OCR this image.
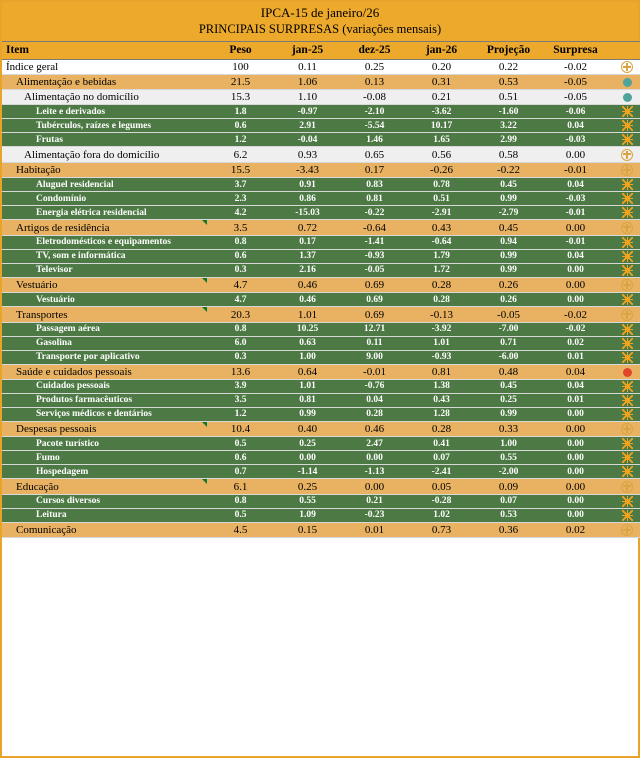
IPCA-15 de janeiro/26
PRINCIPAIS SURPRESAS (variações mensais)
Item	Peso	jan-25	dez-25	jan-26	Projeção	Surpresa	
Índice geral	100	0.11	0.25	0.20	0.22	-0.02	
Alimentação e bebidas	21.5	1.06	0.13	0.31	0.53	-0.05	
Alimentação no domicílio	15.3	1.10	-0.08	0.21	0.51	-0.05	
Leite e derivados	1.8	-0.97	-2.10	-3.62	-1.60	-0.06	
Tubérculos, raízes e legumes	0.6	2.91	-5.54	10.17	3.22	0.04	
Frutas	1.2	-0.04	1.46	1.65	2.99	-0.03	
Alimentação fora do domicílio	6.2	0.93	0.65	0.56	0.58	0.00	
Habitação	15.5	-3.43	0.17	-0.26	-0.22	-0.01	
Aluguel residencial	3.7	0.91	0.83	0.78	0.45	0.04	
Condomínio	2.3	0.86	0.81	0.51	0.99	-0.03	
Energia elétrica residencial	4.2	-15.03	-0.22	-2.91	-2.79	-0.01	
Artigos de residência	3.5	0.72	-0.64	0.43	0.45	0.00	
Eletrodomésticos e equipamentos	0.8	0.17	-1.41	-0.64	0.94	-0.01	
TV, som e informática	0.6	1.37	-0.93	1.79	0.99	0.04	
Televisor	0.3	2.16	-0.05	1.72	0.99	0.00	
Vestuário	4.7	0.46	0.69	0.28	0.26	0.00	
Vestuário	4.7	0.46	0.69	0.28	0.26	0.00	
Transportes	20.3	1.01	0.69	-0.13	-0.05	-0.02	
Passagem aérea	0.8	10.25	12.71	-3.92	-7.00	-0.02	
Gasolina	6.0	0.63	0.11	1.01	0.71	0.02	
Transporte por aplicativo	0.3	1.00	9.00	-0.93	-6.00	0.01	
Saúde e cuidados pessoais	13.6	0.64	-0.01	0.81	0.48	0.04	
Cuidados pessoais	3.9	1.01	-0.76	1.38	0.45	0.04	
Produtos farmacêuticos	3.5	0.81	0.04	0.43	0.25	0.01	
Serviços médicos e dentários	1.2	0.99	0.28	1.28	0.99	0.00	
Despesas pessoais	10.4	0.40	0.46	0.28	0.33	0.00	
Pacote turístico	0.5	0.25	2.47	0.41	1.00	0.00	
Fumo	0.6	0.00	0.00	0.07	0.55	0.00	
Hospedagem	0.7	-1.14	-1.13	-2.41	-2.00	0.00	
Educação	6.1	0.25	0.00	0.05	0.09	0.00	
Cursos diversos	0.8	0.55	0.21	-0.28	0.07	0.00	
Leitura	0.5	1.09	-0.23	1.02	0.53	0.00	
Comunicação	4.5	0.15	0.01	0.73	0.36	0.02	
